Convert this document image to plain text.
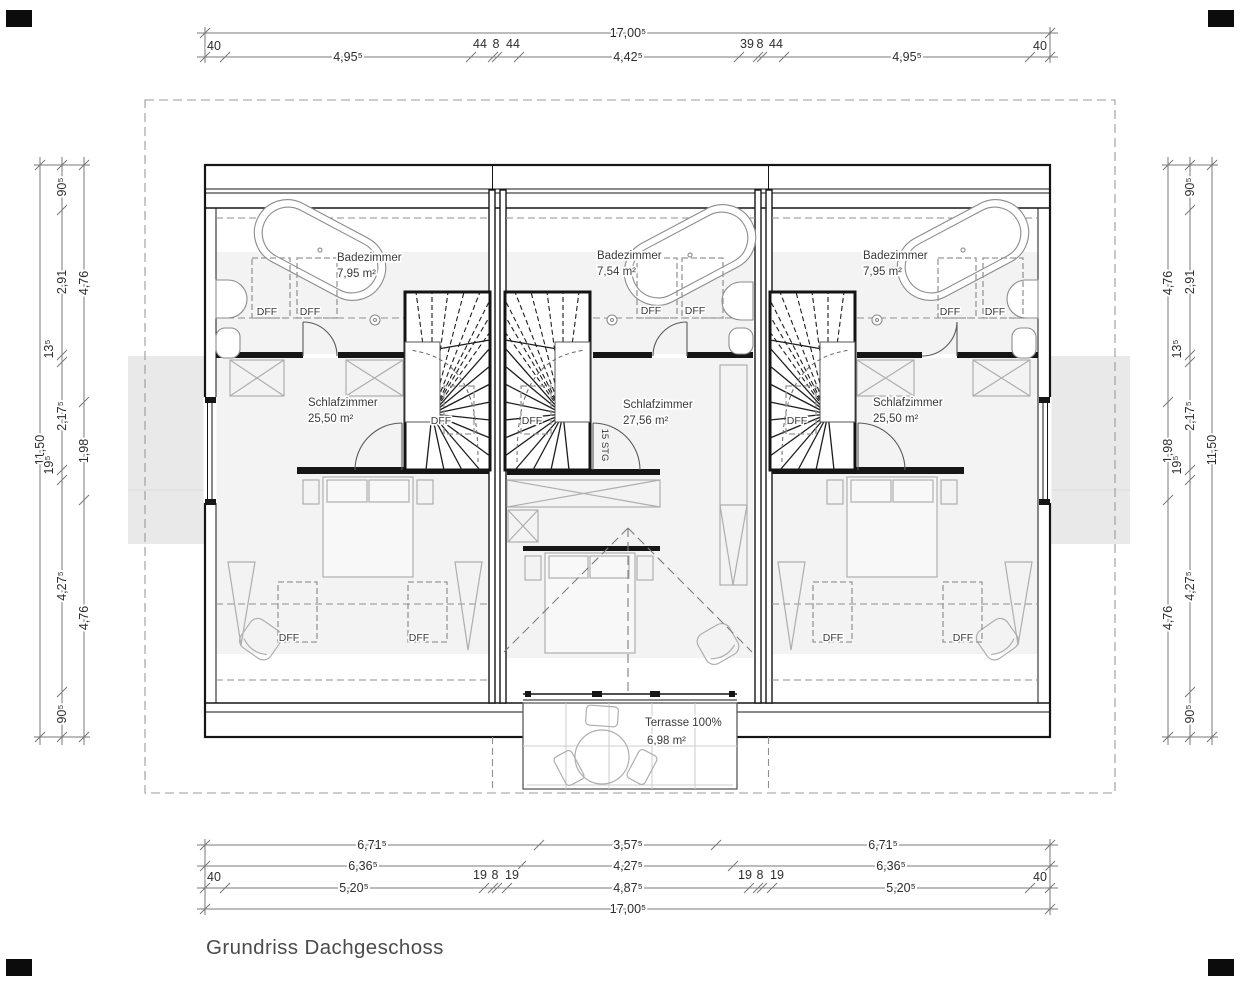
17,00⁵
40
4,95⁵
44 8 44
4,42⁵
39 8 44
4,95⁵
40
11,50
90⁵
2,91
13⁵
2,17⁵
19⁵
4,27⁵
90⁵
4,76
1,98
4,76
4,76
1,98
4,76
90⁵
2,91
13⁵
2,17⁵
19⁵
4,27⁵
90⁵
11,50
6,71⁵	3,57⁵	6,71⁵
6,36⁵	4,27⁵	6,36⁵
40
5,20⁵
19 8 19
4,87⁵
19 8 19
5,20⁵
40
17,00⁵
Badezimmer
7,95 m²
Badezimmer
7,54 m²
Badezimmer
7,95 m²
Schlafzimmer
25,50 m²
Schlafzimmer
27,56 m²
Schlafzimmer
25,50 m²
Terrasse 100%
6,98 m²
DFF DFF	DFF DFF	DFF DFF
DFF	DFF	DFF
DFF	DFF	DFF	DFF
15 STG
Grundriss Dachgeschoss
